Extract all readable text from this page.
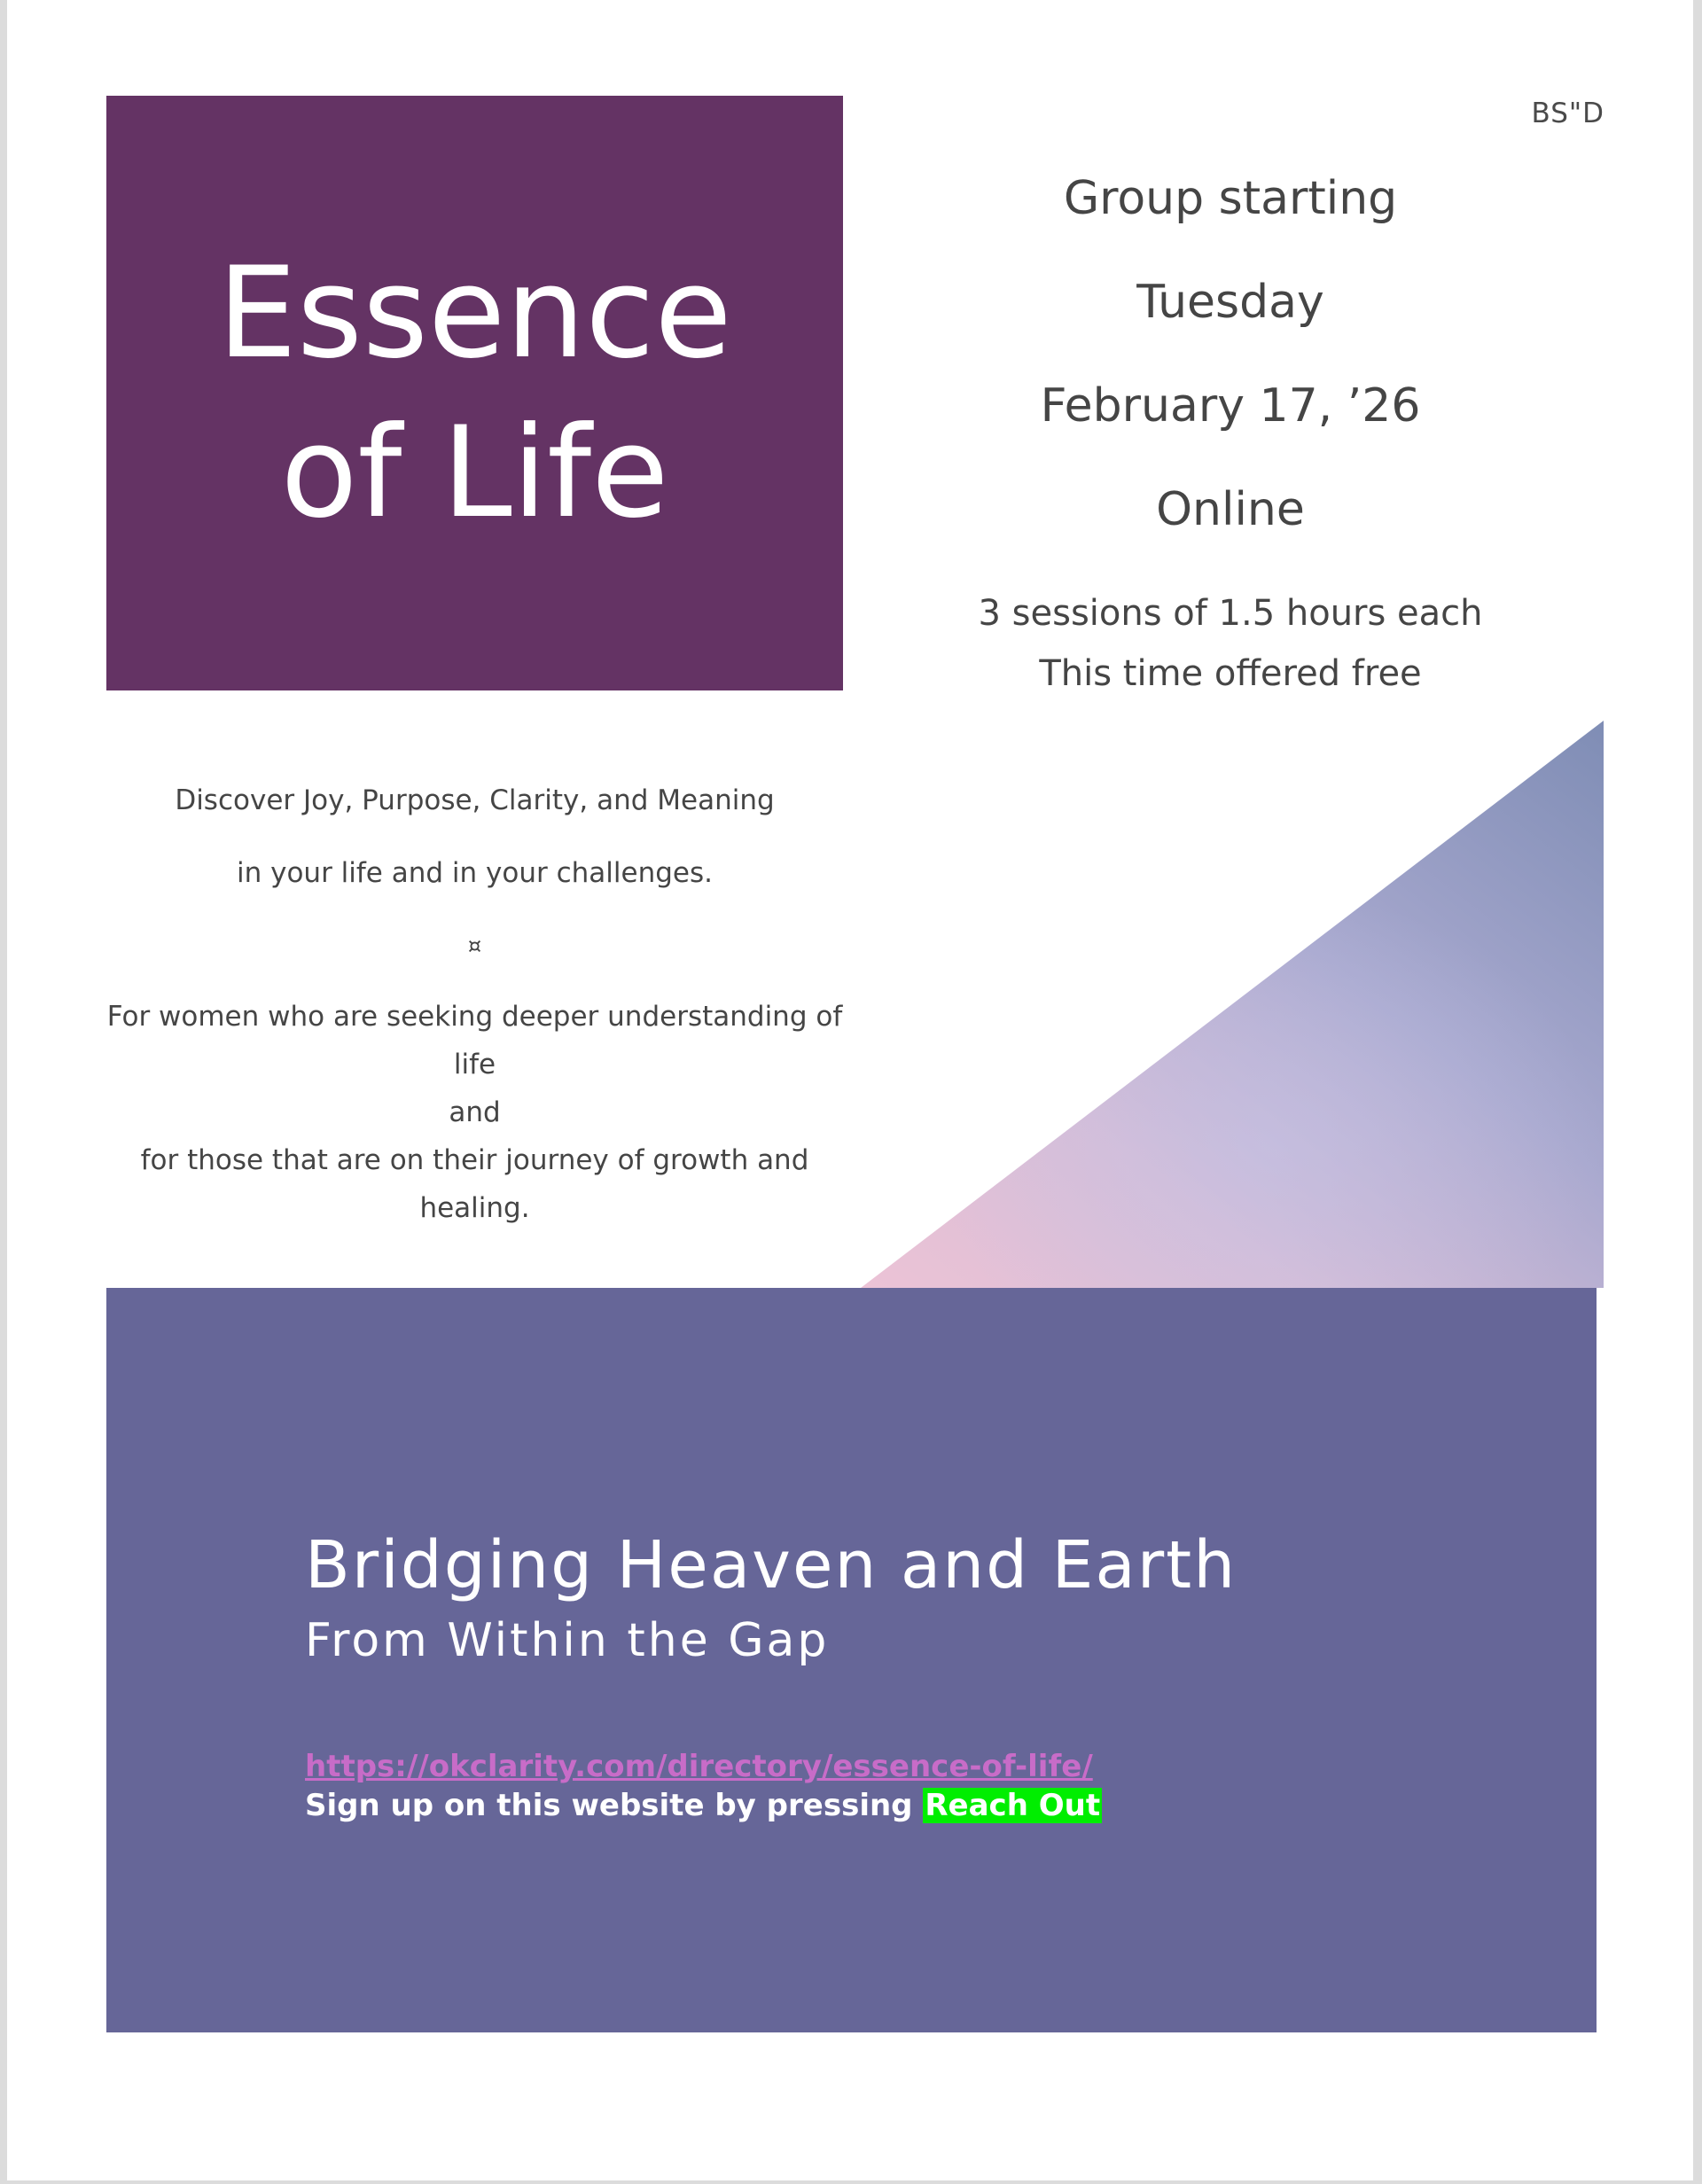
BS"D
Essence of Life
Group starting
Tuesday
February 17, ’26
Online
3 sessions of 1.5 hours each
This time offered free
Discover Joy, Purpose, Clarity, and Meaning
in your life and in your challenges.
¤
For women who are seeking deeper understanding of life
and
for those that are on their journey of growth and healing.
Bridging Heaven and Earth
From Within the Gap
https://okclarity.com/directory/essence-of-life/
Sign up on this website by pressing Reach Out
